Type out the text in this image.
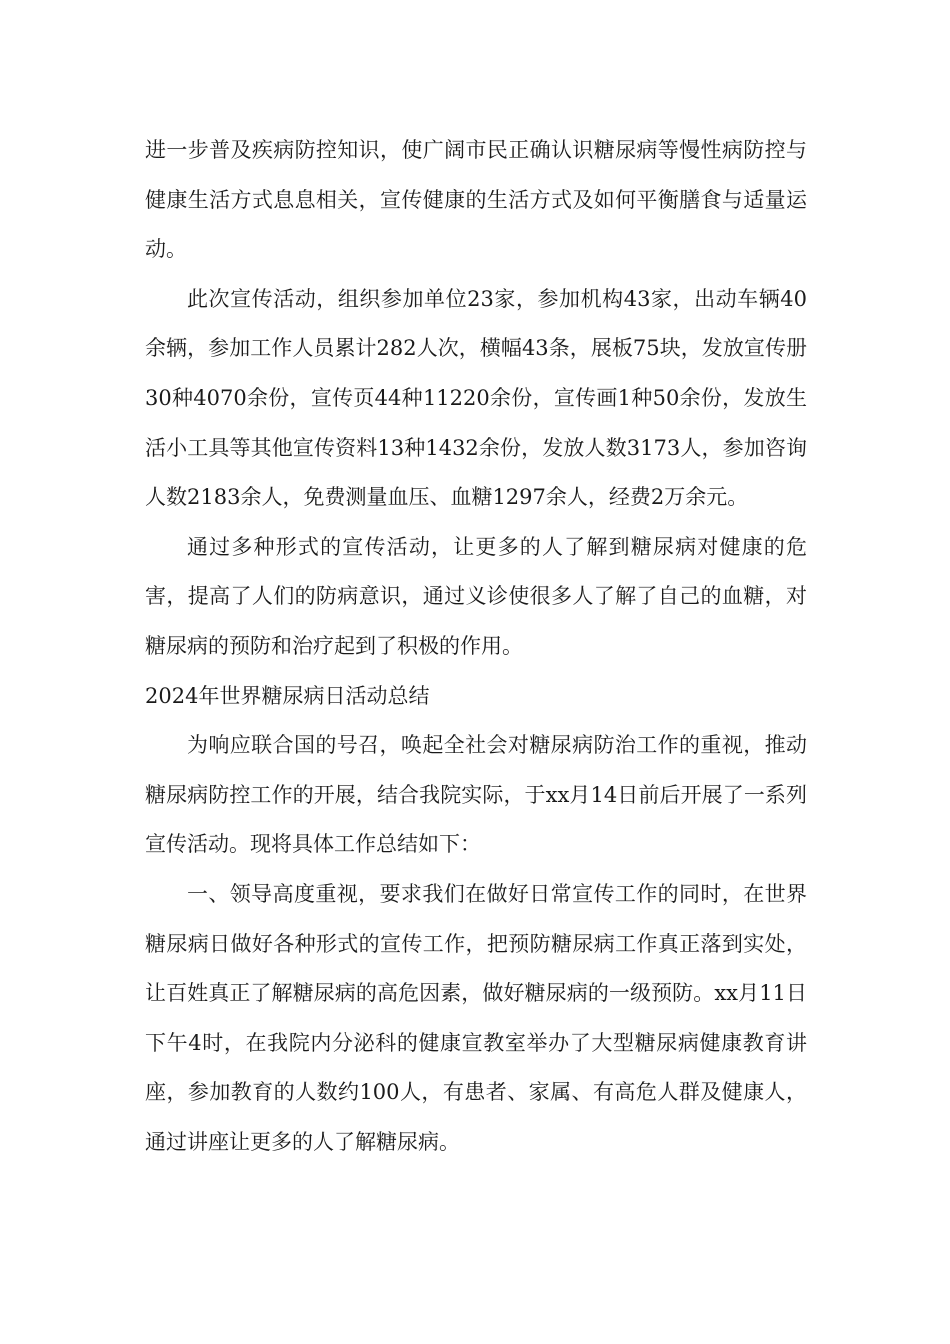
进一步普及疾病防控知识，使广阔市民正确认识糖尿病等慢性病防控与健康生活方式息息相关，宣传健康的生活方式及如何平衡膳食与适量运动。

此次宣传活动，组织参加单位23家，参加机构43家，出动车辆40余辆，参加工作人员累计282人次，横幅43条，展板75块，发放宣传册30种4070余份，宣传页44种11220余份，宣传画1种50余份，发放生活小工具等其他宣传资料13种1432余份，发放人数3173人，参加咨询人数2183余人，免费测量血压、血糖1297余人，经费2万余元。

通过多种形式的宣传活动，让更多的人了解到糖尿病对健康的危害，提高了人们的防病意识，通过义诊使很多人了解了自己的血糖，对糖尿病的预防和治疗起到了积极的作用。

2024年世界糖尿病日活动总结

为响应联合国的号召，唤起全社会对糖尿病防治工作的重视，推动糖尿病防控工作的开展，结合我院实际，于xx月14日前后开展了一系列宣传活动。现将具体工作总结如下：

一、领导高度重视，要求我们在做好日常宣传工作的同时，在世界糖尿病日做好各种形式的宣传工作，把预防糖尿病工作真正落到实处，让百姓真正了解糖尿病的高危因素，做好糖尿病的一级预防。xx月11日下午4时，在我院内分泌科的健康宣教室举办了大型糖尿病健康教育讲座，参加教育的人数约100人，有患者、家属、有高危人群及健康人，通过讲座让更多的人了解糖尿病。
